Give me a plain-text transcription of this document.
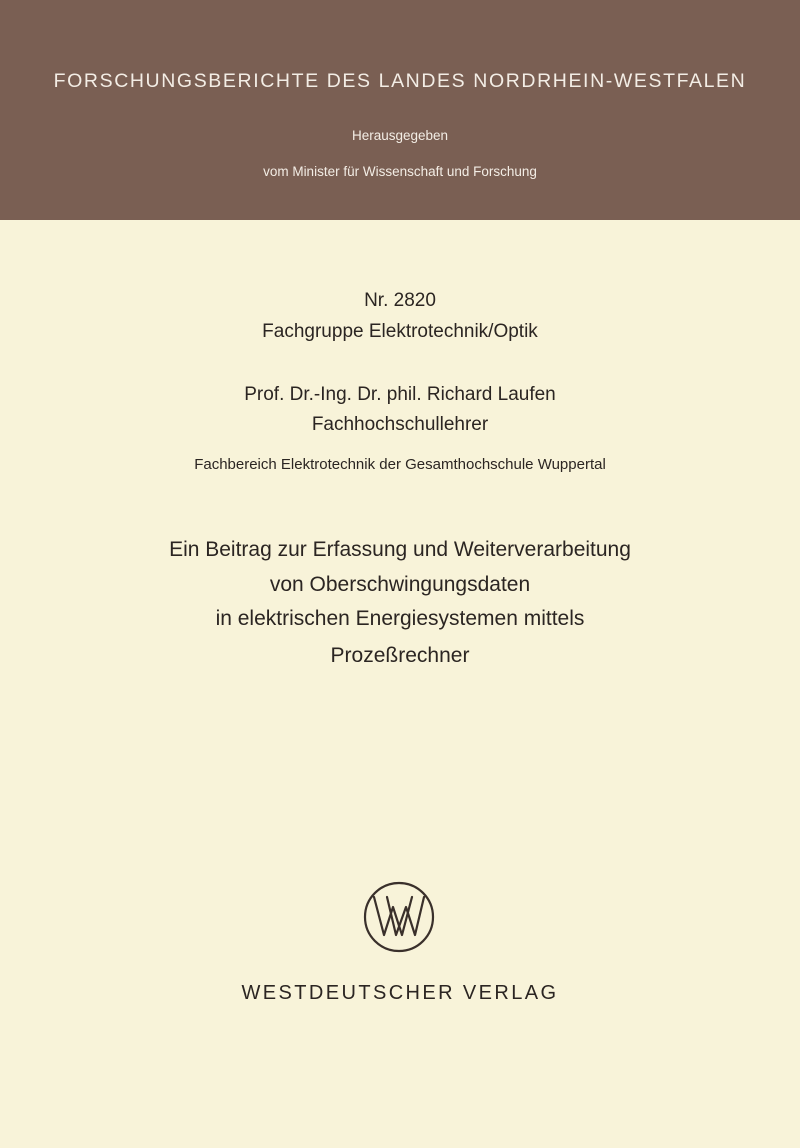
FORSCHUNGSBERICHTE DES LANDES NORDRHEIN-WESTFALEN
Herausgegeben
vom Minister für Wissenschaft und Forschung
Nr. 2820
Fachgruppe Elektrotechnik/Optik
Prof. Dr.-Ing. Dr. phil. Richard Laufen
Fachhochschullehrer
Fachbereich Elektrotechnik der Gesamthochschule Wuppertal
Ein Beitrag zur Erfassung und Weiterverarbeitung
von Oberschwingungsdaten
in elektrischen Energiesystemen mittels
Prozeßrechner
WESTDEUTSCHER VERLAG
